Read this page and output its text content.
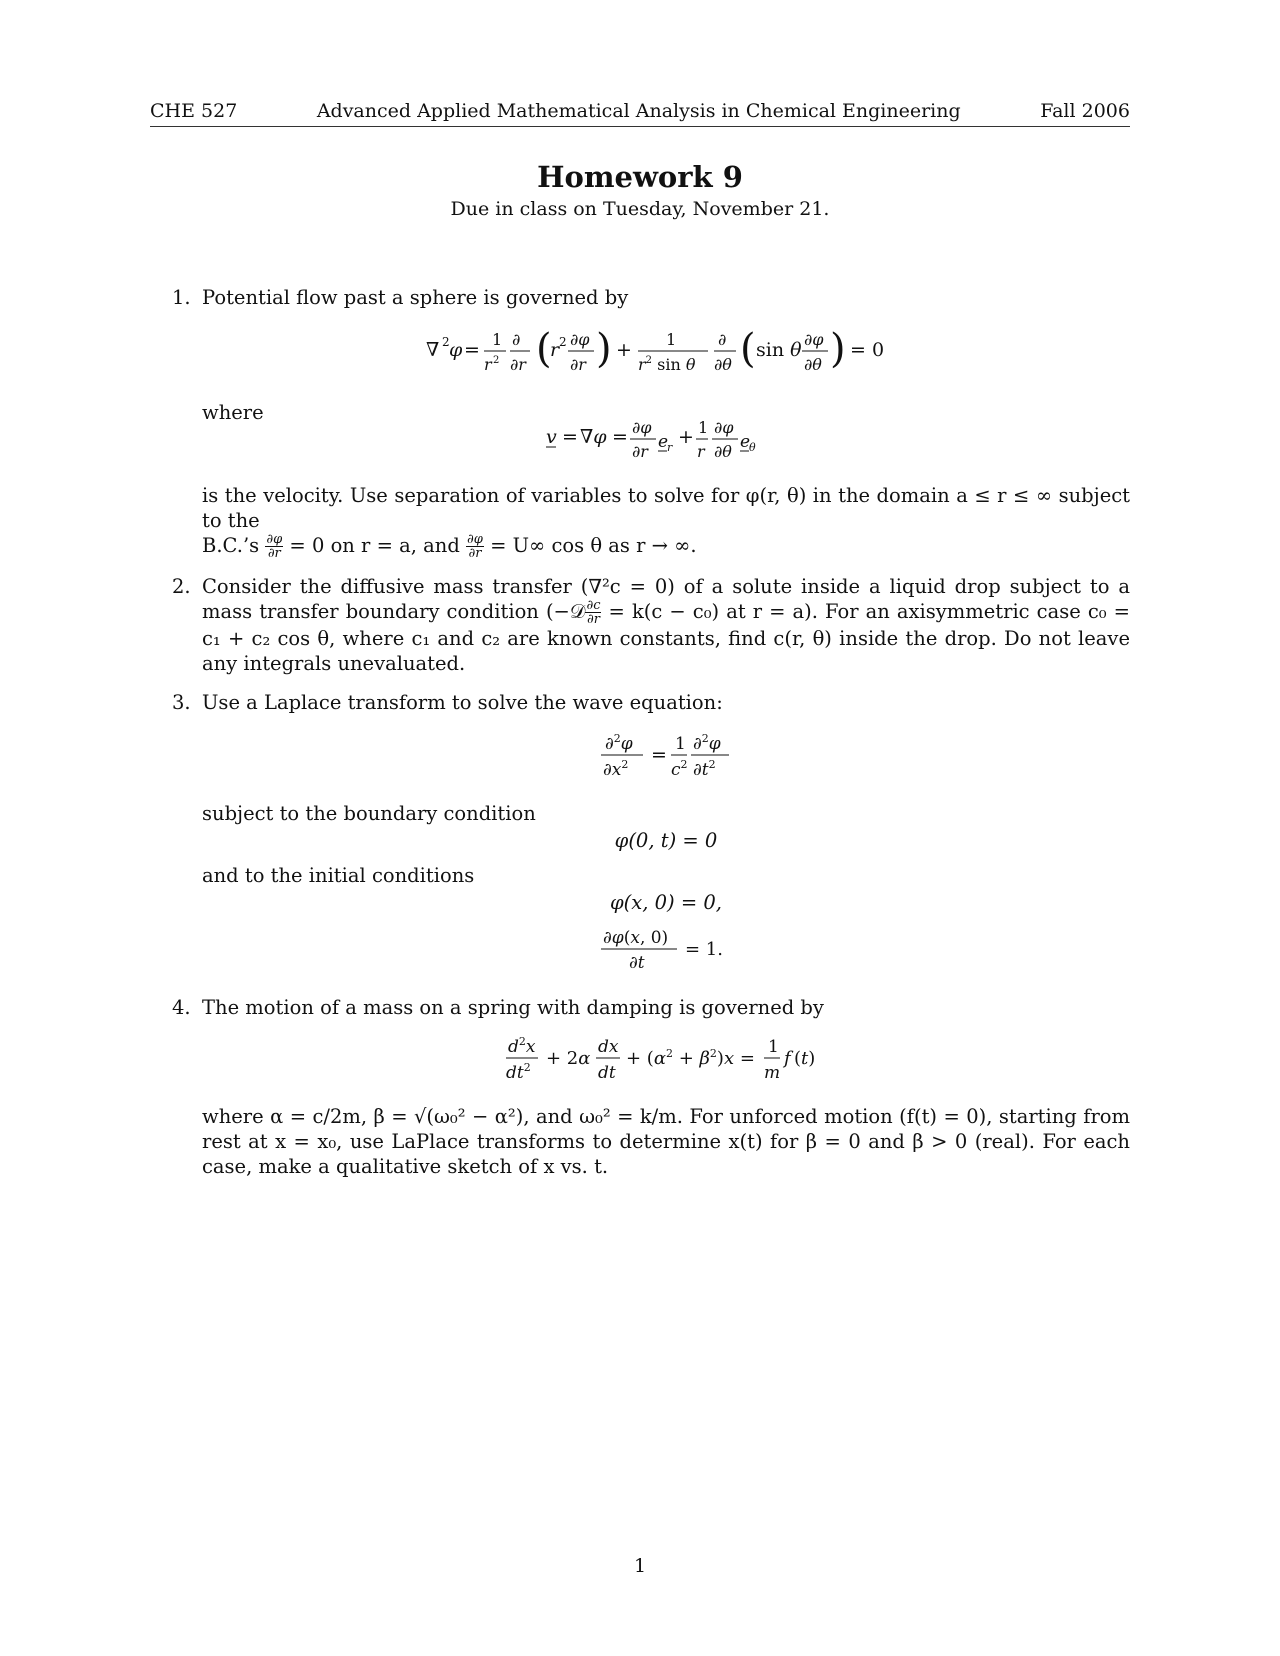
CHE 527	Advanced Applied Mathematical Analysis in Chemical Engineering	Fall 2006
Homework 9
Due in class on Tuesday, November 21.
1. Potential flow past a sphere is governed by
∇ 2 φ = 1
r 2
∂
∂r (
r 2 ∂φ
∂r ) + 1
$r^2$ sin θ
∂
∂θ ( sin θ ∂φ
∂θ ) = 0
where
v = ∇φ = ∂φ
∂r e
r + 1
r
∂φ
∂θ e
θ
is the velocity. Use separation of variables to solve for φ(r, θ) in the domain a ≤ r ≤ ∞ subject to the
B.C.’s $\frac{\partial\varphi}{\partial r} = 0$ on r = a, and $\frac{\partial\varphi}{\partial r} = U\infty$ cos θ as r → ∞.
2. Consider the diffusive mass transfer (∇²c = 0) of a solute inside a liquid drop subject to a mass transfer boundary condition (−𝒟 $\frac{\partial c}{\partial r} = k(c - c_0)$ at r = a). For an axisymmetric case c₀ = c₁ + c₂ cos θ, where c₁ and c₂ are known constants, find c(r, θ) inside the drop. Do not leave any integrals unevaluated.
3. Use a Laplace transform to solve the wave equation:
∂$^2$φ
$\partial x^2 = 1$
$c^2$
∂$^2$φ
$\partial t^2$
subject to the boundary condition
φ(0, t) = 0
and to the initial conditions
φ(x, 0) = 0,
∂φ(x, 0)
∂t
= 1.
4. The motion of a mass on a spring with damping is governed by
$d^2x$
$dt^2 + 2\alpha$
dx
dt
+ $(\alpha^2 + \beta^2)x$ =
1
m
f (t)
where α = c/2m, β = √(ω₀² − α²), and ω₀² = k/m. For unforced motion (f(t) = 0), starting from rest at x = x₀, use LaPlace transforms to determine x(t) for β = 0 and β > 0 (real). For each case, make a qualitative sketch of x vs. t.
1
